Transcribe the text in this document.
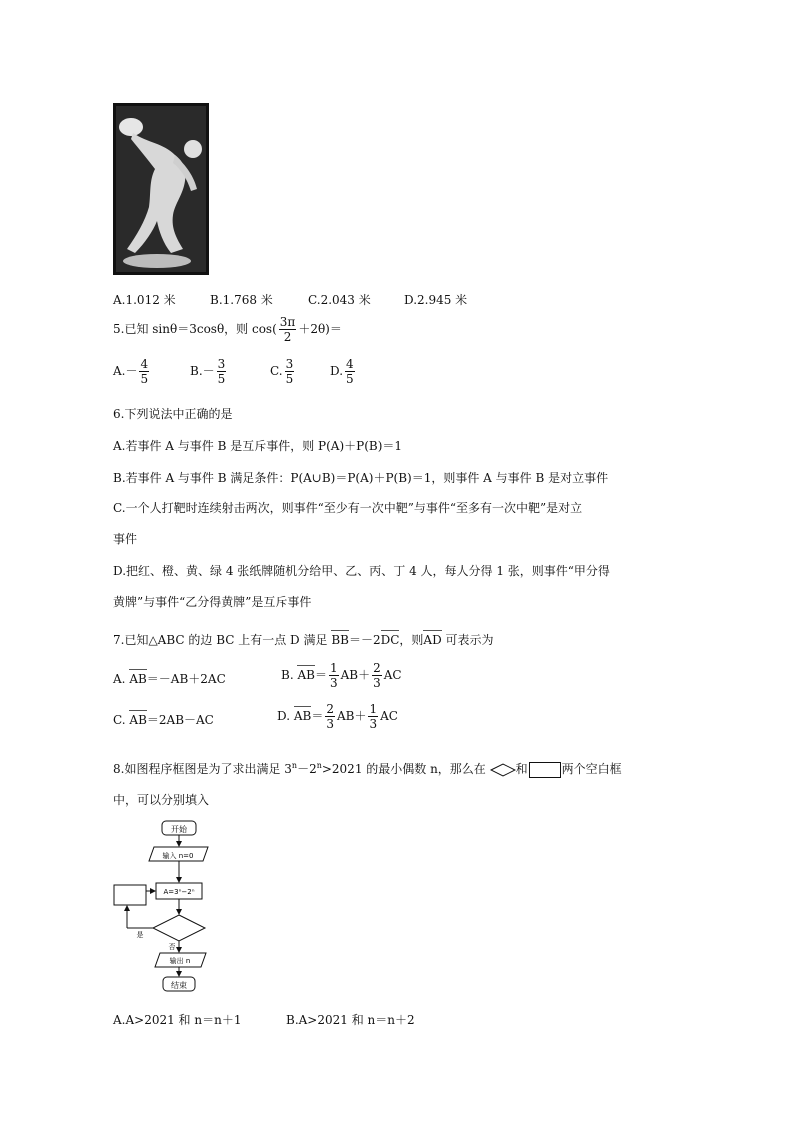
A.1.012 米	B.1.768 米	C.2.043 米	D.2.945 米
5.已知 sinθ＝3cosθ，则 $\cos( \frac{3\pi}{2} +2\theta)=$
$A.- \frac{4}{5}$	$B.- \frac{3}{5}$	C. $\frac{3}{5}$	D. $\frac{4}{5}$
6.下列说法中正确的是
A.若事件 A 与事件 B 是互斥事件，则 P(A)＋P(B)＝1
B.若事件 A 与事件 B 满足条件：P(A∪B)＝P(A)＋P(B)＝1，则事件 A 与事件 B 是对立事件
C.一个人打靶时连续射击两次，则事件“至少有一次中靶”与事件“至多有一次中靶”是对立
事件
D.把红、橙、黄、绿 4 张纸牌随机分给甲、乙、丙、丁 4 人，每人分得 1 张，则事件“甲分得
黄牌”与事件“乙分得黄牌”是互斥事件
7.已知△ABC 的边 BC 上有一点 D 满足 BB＝－2DC，则AD 可表示为
A. AB＝－AB＋2AC	B. $AB= \frac{1}{3} AB+ \frac{2}{3}$ AC
C. AB＝2AB－AC	D. $AB= \frac{2}{3} AB+ \frac{1}{3}$ AC
8.如图程序框图是为了求出满足 $3^n-2^n>2021$ 的最小偶数 n，那么在 和	两个空白框
中，可以分别填入
开始
输入 n=0
A=3ⁿ−2ⁿ
是
否
输出 n
结束
A.A>2021 和 n＝n＋1	B.A>2021 和 n＝n＋2
